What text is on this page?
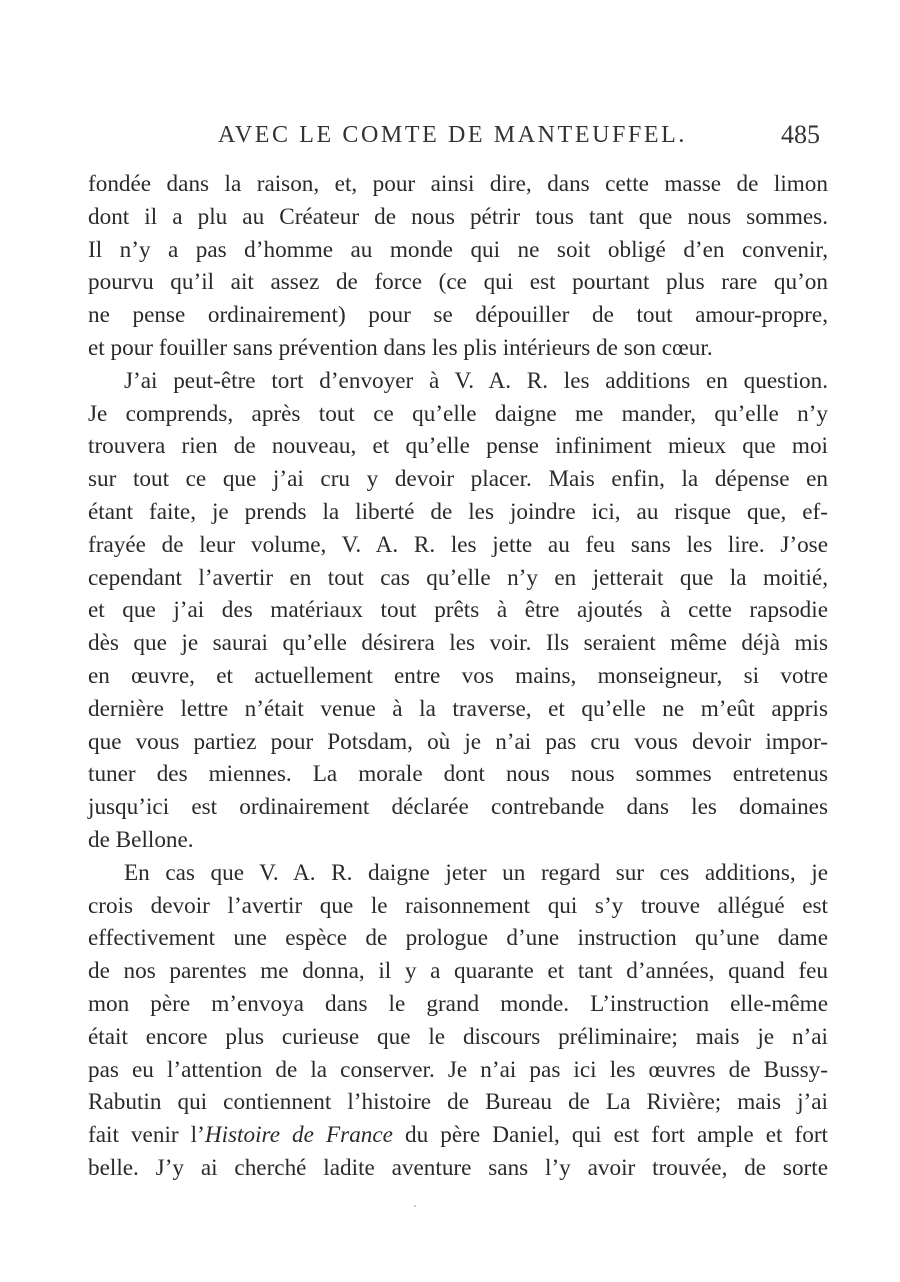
AVEC LE COMTE DE MANTEUFFEL.	485

fondée dans la raison, et, pour ainsi dire, dans cette masse de limon

dont il a plu au Créateur de nous pétrir tous tant que nous sommes.

Il n’y a pas d’homme au monde qui ne soit obligé d’en convenir,

pourvu qu’il ait assez de force (ce qui est pourtant plus rare qu’on

ne pense ordinairement) pour se dépouiller de tout amour-propre,

et pour fouiller sans prévention dans les plis intérieurs de son cœur.

J’ai peut-être tort d’envoyer à V. A. R. les additions en question.

Je comprends, après tout ce qu’elle daigne me mander, qu’elle n’y

trouvera rien de nouveau, et qu’elle pense infiniment mieux que moi

sur tout ce que j’ai cru y devoir placer. Mais enfin, la dépense en

étant faite, je prends la liberté de les joindre ici, au risque que, ef-

frayée de leur volume, V. A. R. les jette au feu sans les lire. J’ose

cependant l’avertir en tout cas qu’elle n’y en jetterait que la moitié,

et que j’ai des matériaux tout prêts à être ajoutés à cette rapsodie

dès que je saurai qu’elle désirera les voir. Ils seraient même déjà mis

en œuvre, et actuellement entre vos mains, monseigneur, si votre

dernière lettre n’était venue à la traverse, et qu’elle ne m’eût appris

que vous partiez pour Potsdam, où je n’ai pas cru vous devoir impor-

tuner des miennes. La morale dont nous nous sommes entretenus

jusqu’ici est ordinairement déclarée contrebande dans les domaines

de Bellone.

En cas que V. A. R. daigne jeter un regard sur ces additions, je

crois devoir l’avertir que le raisonnement qui s’y trouve allégué est

effectivement une espèce de prologue d’une instruction qu’une dame

de nos parentes me donna, il y a quarante et tant d’années, quand feu

mon père m’envoya dans le grand monde. L’instruction elle-même

était encore plus curieuse que le discours préliminaire; mais je n’ai

pas eu l’attention de la conserver. Je n’ai pas ici les œuvres de Bussy-

Rabutin qui contiennent l’histoire de Bureau de La Rivière; mais j’ai

fait venir l’Histoire de France du père Daniel, qui est fort ample et fort

belle. J’y ai cherché ladite aventure sans l’y avoir trouvée, de sorte
